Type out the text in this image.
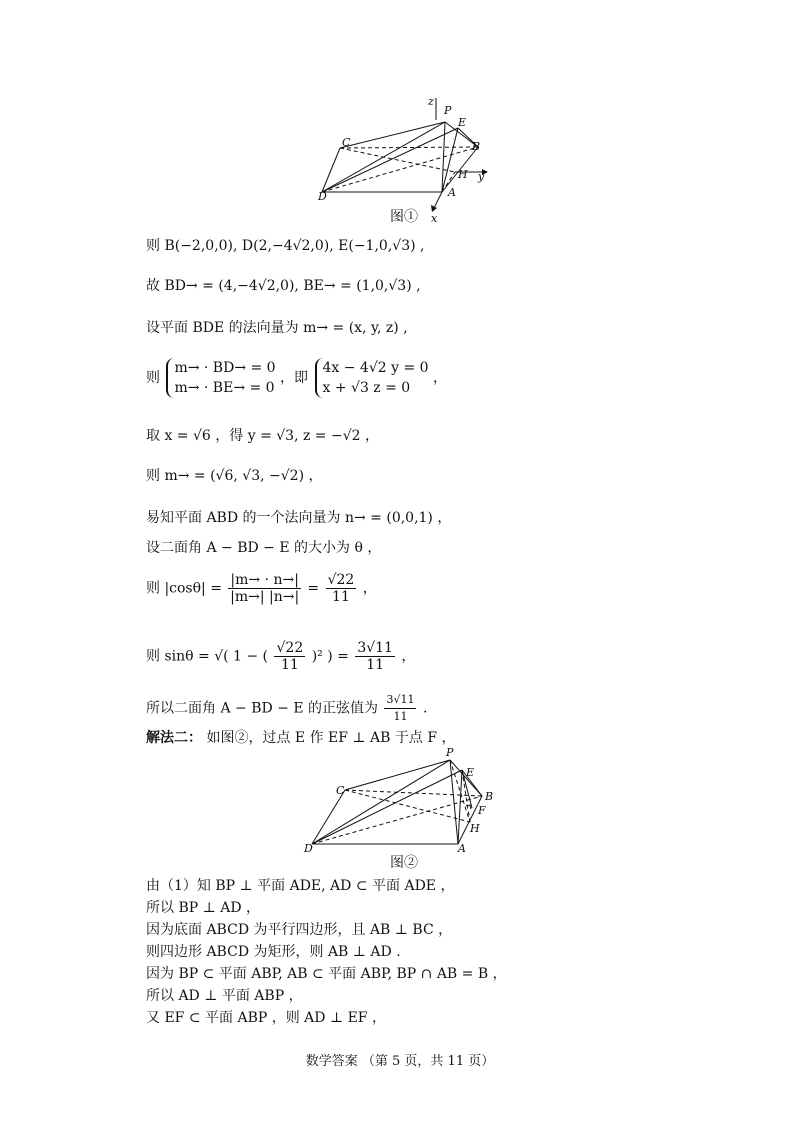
z
P
E
C	B
H y
D	A
x
图①
则 B(−2,0,0), D(2,−4√2,0), E(−1,0,√3) ,
故 BD→ = (4,−4√2,0), BE→ = (1,0,√3) ,
设平面 BDE 的法向量为 m→ = (x, y, z) ,
则
m→ · BD→ = 0
m→ · BE→ = 0
，即
4x − 4√2 y = 0
x + √3 z = 0
，
取 x = √6 ，得 y = √3, z = −√2 ，
则 m→ = (√6, √3, −√2) ，
易知平面 ABD 的一个法向量为 n→ = (0,0,1) ，
设二面角 A − BD − E 的大小为 θ ，
则 $|\cos\theta| = \frac{|m\to \cdot n\to|}{|m\to| |n\to|} = \frac{√22}{11}$ ，
则 sinθ = √( 1 − ( $\frac{√22}{11} )^2$ ) = $\frac{3√11}{11}$ ，
所以二面角 A − BD − E 的正弦值为 $\frac{3√11}{11}$ .
解法二： 如图②，过点 E 作 EF ⊥ AB 于点 F ，
P
E
C	B
F
H
D	A
图②
由（1）知 BP ⊥ 平面 ADE, AD ⊂ 平面 ADE ，
所以 BP ⊥ AD ，
因为底面 ABCD 为平行四边形，且 AB ⊥ BC ，
则四边形 ABCD 为矩形，则 AB ⊥ AD .
因为 BP ⊂ 平面 ABP, AB ⊂ 平面 ABP, BP ∩ AB = B ，
所以 AD ⊥ 平面 ABP ，
又 EF ⊂ 平面 ABP ，则 AD ⊥ EF ，
数学答案 （第 5 页，共 11 页）
